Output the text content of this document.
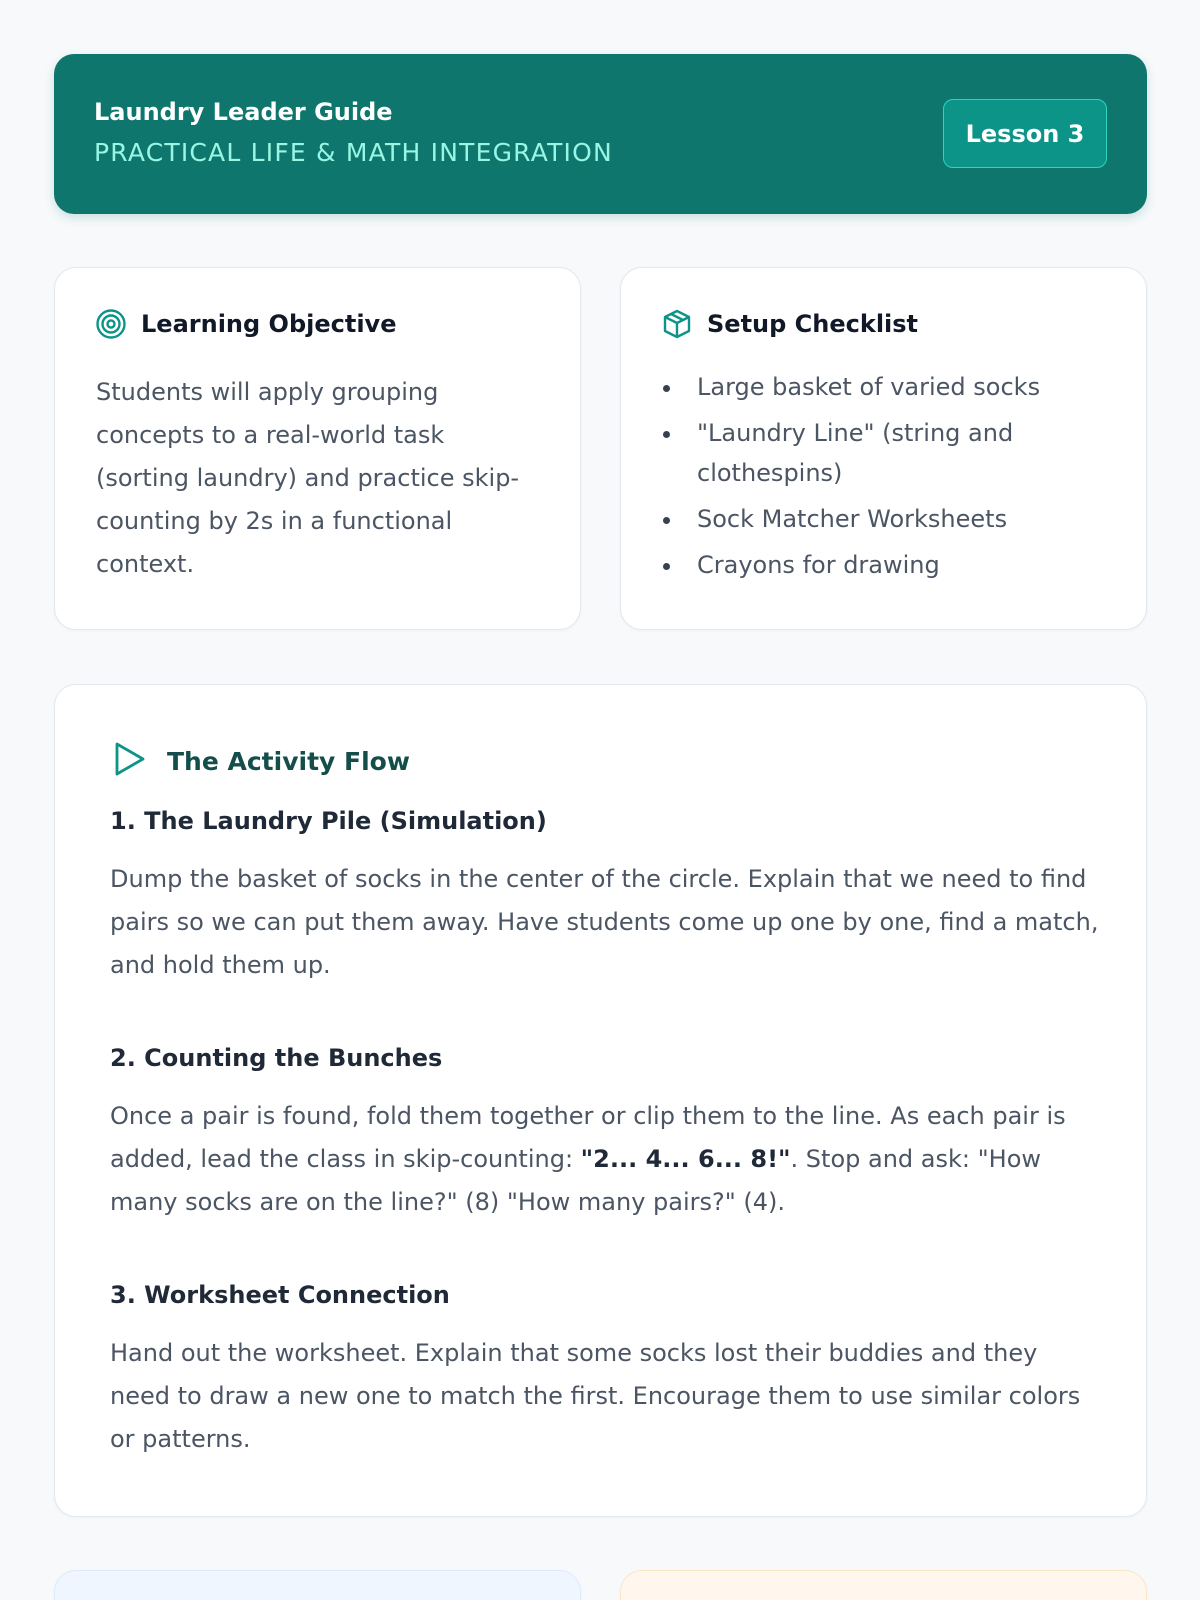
Laundry Leader Guide
PRACTICAL LIFE & MATH INTEGRATION
Lesson 3
Learning Objective
Students will apply grouping concepts to a real-world task (sorting laundry) and practice skip-counting by 2s in a functional context.
Setup Checklist
Large basket of varied socks
"Laundry Line" (string and clothespins)
Sock Matcher Worksheets
Crayons for drawing
The Activity Flow
1. The Laundry Pile (Simulation)
Dump the basket of socks in the center of the circle. Explain that we need to find pairs so we can put them away. Have students come up one by one, find a match, and hold them up.
2. Counting the Bunches
Once a pair is found, fold them together or clip them to the line. As each pair is added, lead the class in skip-counting: "2... 4... 6... 8!". Stop and ask: "How many socks are on the line?" (8) "How many pairs?" (4).
3. Worksheet Connection
Hand out the worksheet. Explain that some socks lost their buddies and they need to draw a new one to match the first. Encourage them to use similar colors or patterns.
